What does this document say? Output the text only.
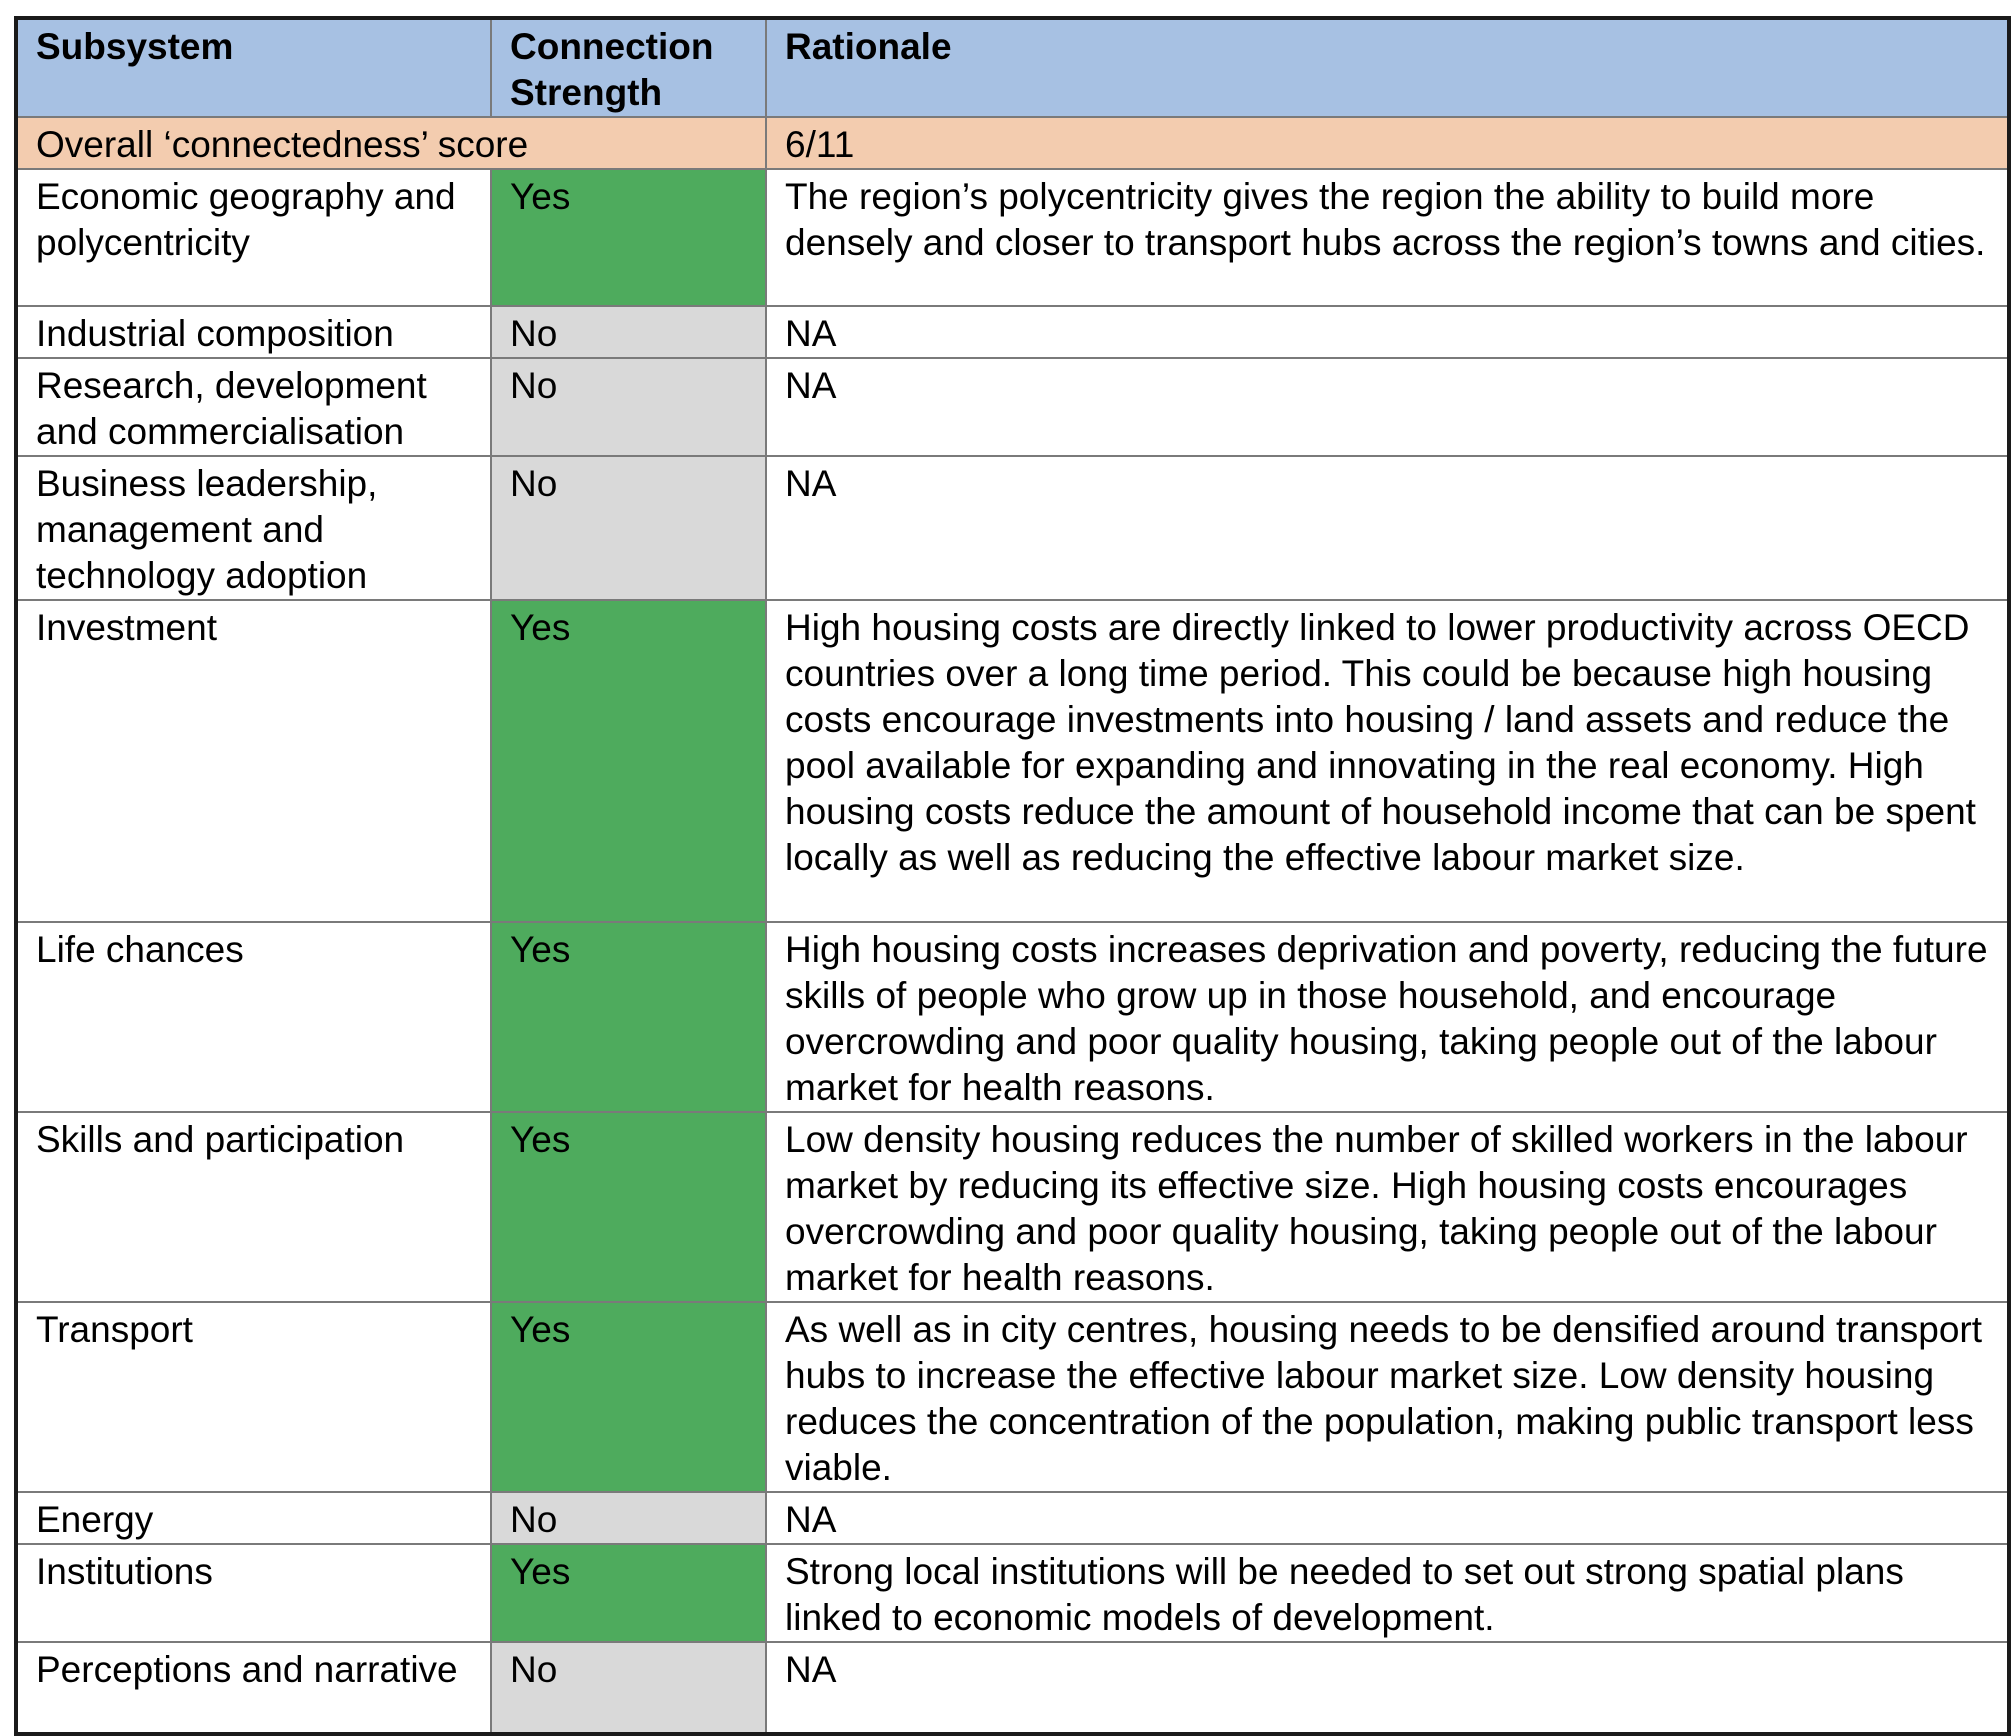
Subsystem	Connection Strength	Rationale
Overall ‘connectedness’ score		6/11
Economic geography and polycentricity	Yes	The region’s polycentricity gives the region the ability to build more densely and closer to transport hubs across the region’s towns and cities.
Industrial composition	No	NA
Research, development and commercialisation	No	NA
Business leadership, management and technology adoption	No	NA
Investment	Yes	High housing costs are directly linked to lower productivity across OECD countries over a long time period. This could be because high housing costs encourage investments into housing / land assets and reduce the pool available for expanding and innovating in the real economy. High housing costs reduce the amount of household income that can be spent locally as well as reducing the effective labour market size.
Life chances	Yes	High housing costs increases deprivation and poverty, reducing the future skills of people who grow up in those household, and encourage overcrowding and poor quality housing, taking people out of the labour market for health reasons.
Skills and participation	Yes	Low density housing reduces the number of skilled workers in the labour market by reducing its effective size. High housing costs encourages overcrowding and poor quality housing, taking people out of the labour market for health reasons.
Transport	Yes	As well as in city centres, housing needs to be densified around transport hubs to increase the effective labour market size. Low density housing reduces the concentration of the population, making public transport less viable.
Energy	No	NA
Institutions	Yes	Strong local institutions will be needed to set out strong spatial plans linked to economic models of development.
Perceptions and narrative	No	NA
